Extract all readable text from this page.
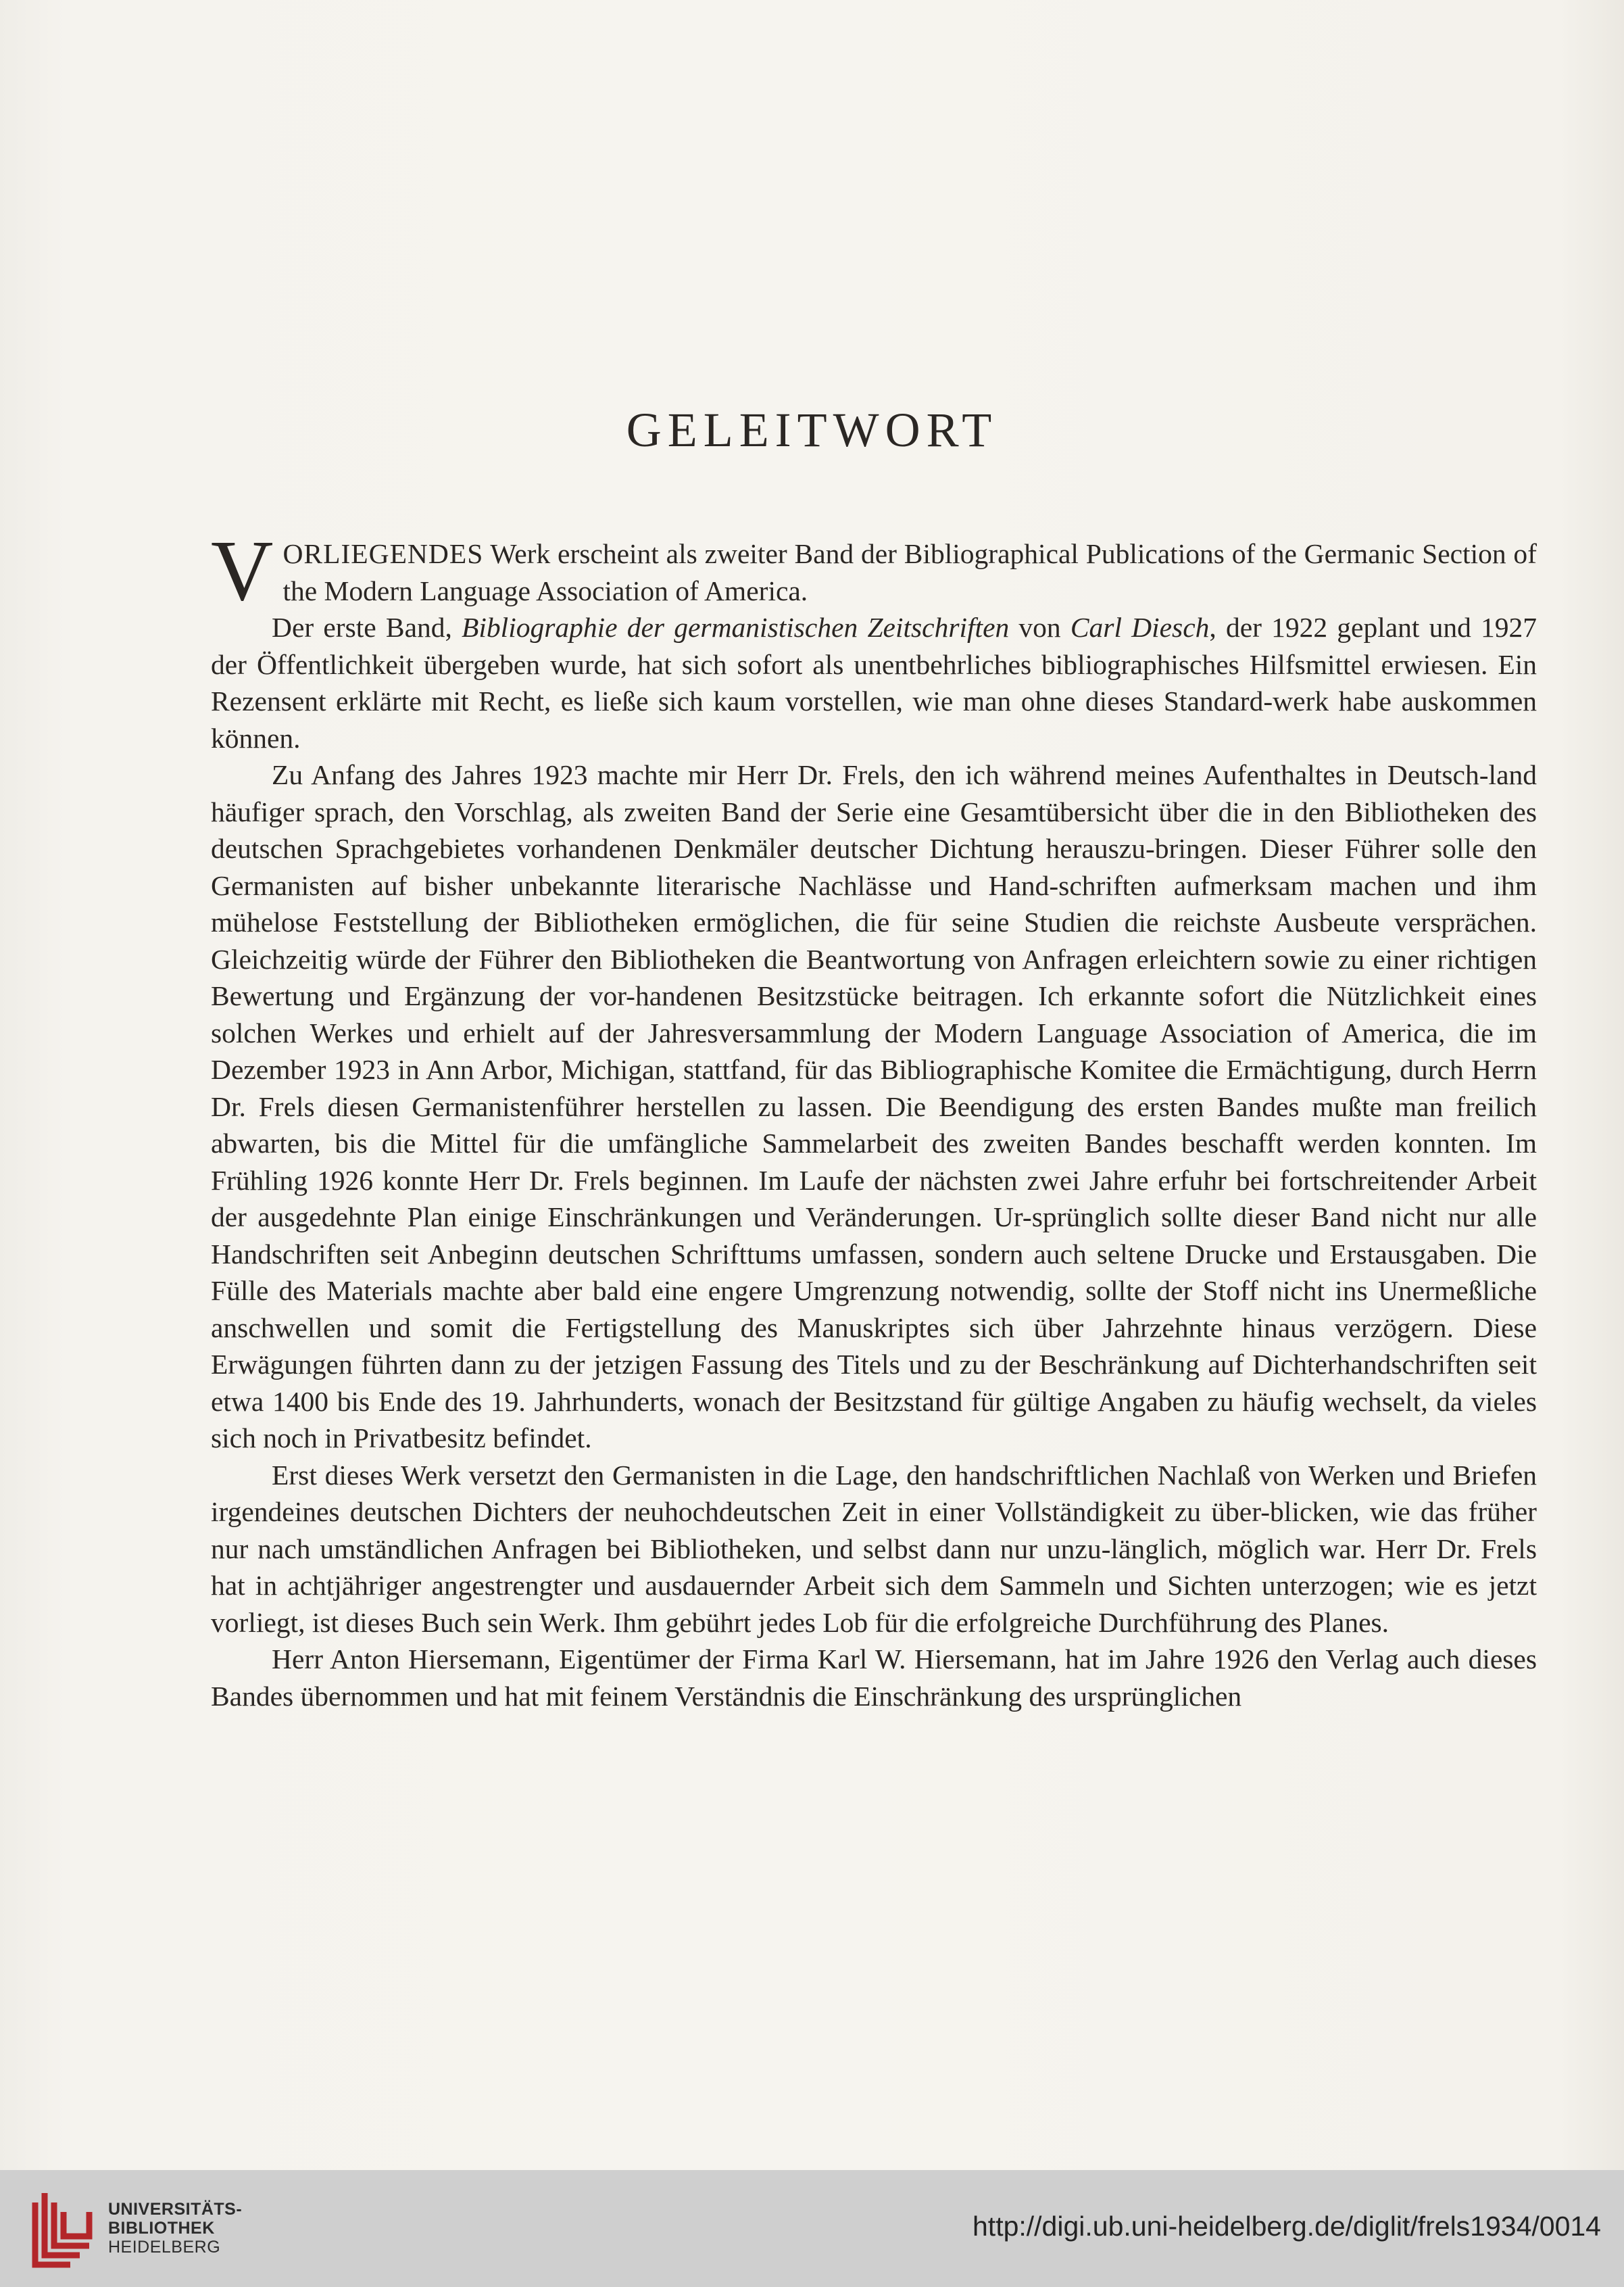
GELEITWORT

VORLIEGENDES Werk erscheint als zweiter Band der Bibliographical Publications of the Germanic Section of the Modern Language Association of America.

Der erste Band, Bibliographie der germanistischen Zeitschriften von Carl Diesch, der 1922 geplant und 1927 der Öffentlichkeit übergeben wurde, hat sich sofort als unentbehrliches bibliographisches Hilfsmittel erwiesen. Ein Rezensent erklärte mit Recht, es ließe sich kaum vorstellen, wie man ohne dieses Standard-werk habe auskommen können.

Zu Anfang des Jahres 1923 machte mir Herr Dr. Frels, den ich während meines Aufenthaltes in Deutsch-land häufiger sprach, den Vorschlag, als zweiten Band der Serie eine Gesamtübersicht über die in den Bibliotheken des deutschen Sprachgebietes vorhandenen Denkmäler deutscher Dichtung herauszu-bringen. Dieser Führer solle den Germanisten auf bisher unbekannte literarische Nachlässe und Hand-schriften aufmerksam machen und ihm mühelose Feststellung der Bibliotheken ermöglichen, die für seine Studien die reichste Ausbeute versprächen. Gleichzeitig würde der Führer den Bibliotheken die Beantwortung von Anfragen erleichtern sowie zu einer richtigen Bewertung und Ergänzung der vor-handenen Besitzstücke beitragen. Ich erkannte sofort die Nützlichkeit eines solchen Werkes und erhielt auf der Jahresversammlung der Modern Language Association of America, die im Dezember 1923 in Ann Arbor, Michigan, stattfand, für das Bibliographische Komitee die Ermächtigung, durch Herrn Dr. Frels diesen Germanistenführer herstellen zu lassen. Die Beendigung des ersten Bandes mußte man freilich abwarten, bis die Mittel für die umfängliche Sammelarbeit des zweiten Bandes beschafft werden konnten. Im Frühling 1926 konnte Herr Dr. Frels beginnen. Im Laufe der nächsten zwei Jahre erfuhr bei fortschreitender Arbeit der ausgedehnte Plan einige Einschränkungen und Veränderungen. Ur-sprünglich sollte dieser Band nicht nur alle Handschriften seit Anbeginn deutschen Schrifttums umfassen, sondern auch seltene Drucke und Erstausgaben. Die Fülle des Materials machte aber bald eine engere Umgrenzung notwendig, sollte der Stoff nicht ins Unermeßliche anschwellen und somit die Fertigstellung des Manuskriptes sich über Jahrzehnte hinaus verzögern. Diese Erwägungen führten dann zu der jetzigen Fassung des Titels und zu der Beschränkung auf Dichterhandschriften seit etwa 1400 bis Ende des 19. Jahrhunderts, wonach der Besitzstand für gültige Angaben zu häufig wechselt, da vieles sich noch in Privatbesitz befindet.

Erst dieses Werk versetzt den Germanisten in die Lage, den handschriftlichen Nachlaß von Werken und Briefen irgendeines deutschen Dichters der neuhochdeutschen Zeit in einer Vollständigkeit zu über-blicken, wie das früher nur nach umständlichen Anfragen bei Bibliotheken, und selbst dann nur unzu-länglich, möglich war. Herr Dr. Frels hat in achtjähriger angestrengter und ausdauernder Arbeit sich dem Sammeln und Sichten unterzogen; wie es jetzt vorliegt, ist dieses Buch sein Werk. Ihm gebührt jedes Lob für die erfolgreiche Durchführung des Planes.

Herr Anton Hiersemann, Eigentümer der Firma Karl W. Hiersemann, hat im Jahre 1926 den Verlag auch dieses Bandes übernommen und hat mit feinem Verständnis die Einschränkung des ursprünglichen

UNIVERSITÄTS-
BIBLIOTHEK
HEIDELBERG
http://digi.ub.uni-heidelberg.de/diglit/frels1934/0014
